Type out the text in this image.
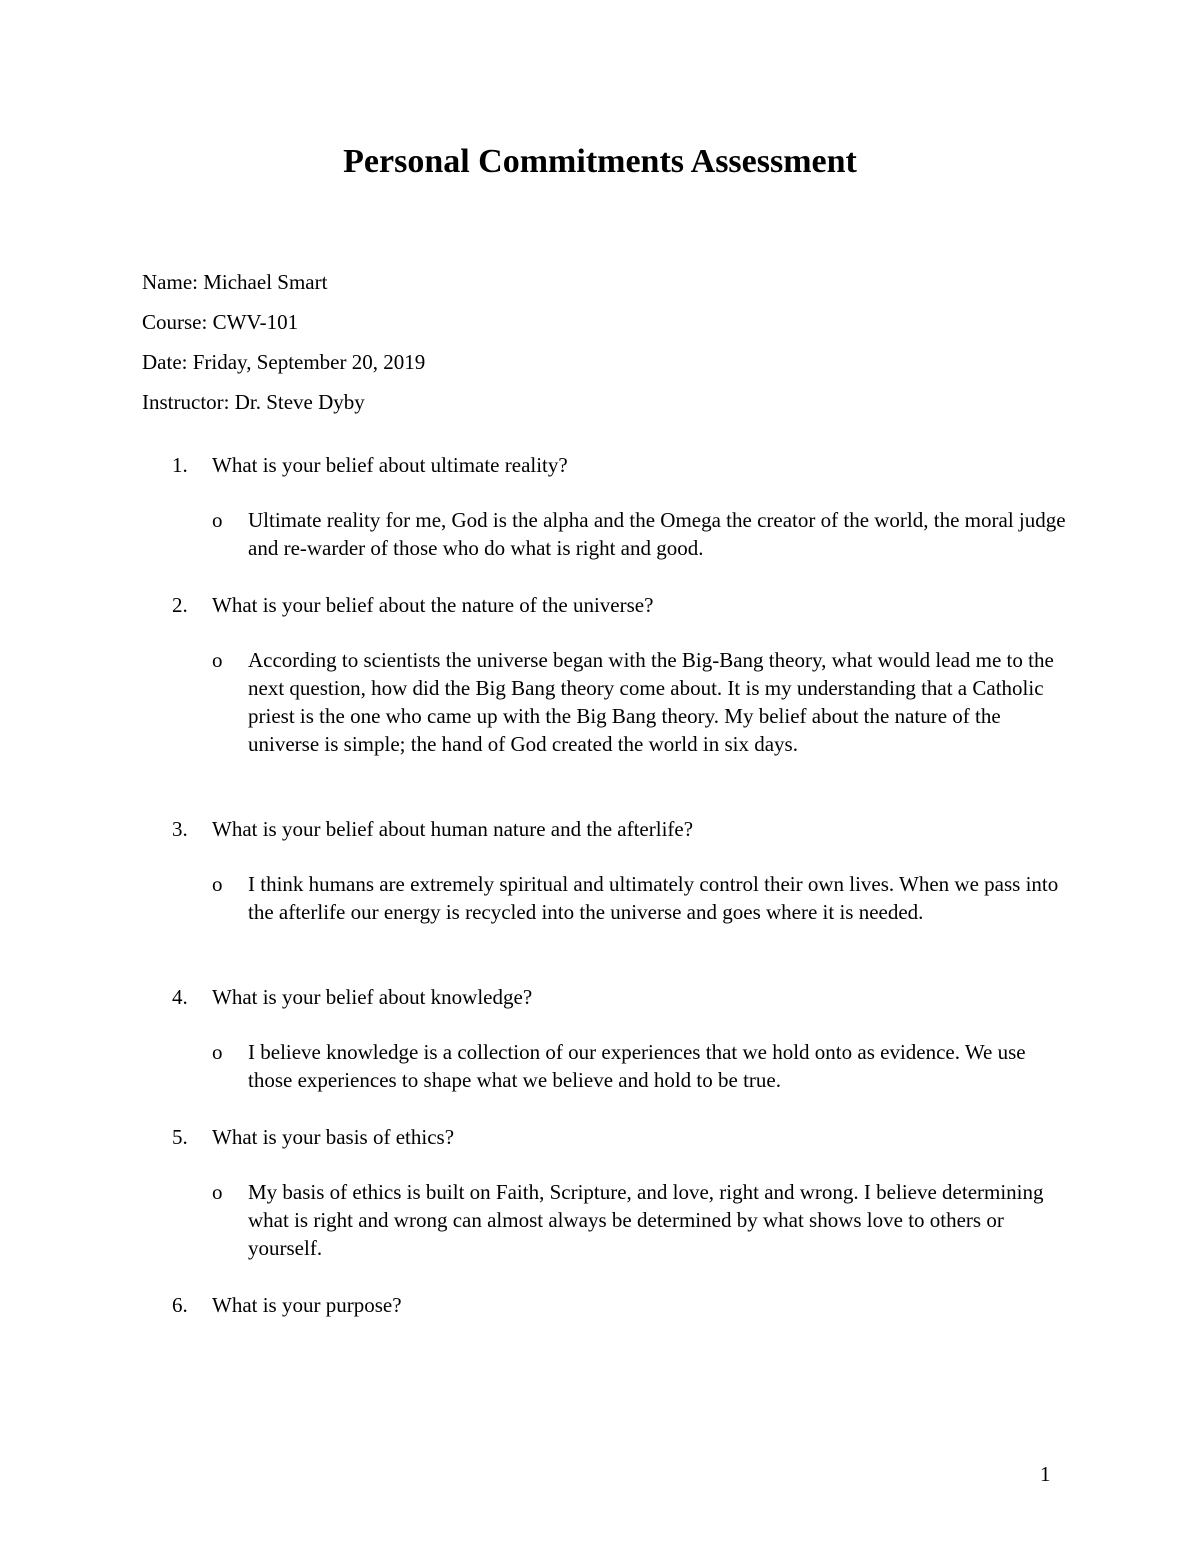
Personal Commitments Assessment
Name: Michael Smart
Course: CWV-101
Date: Friday, September 20, 2019
Instructor: Dr. Steve Dyby
1. What is your belief about ultimate reality?
o	Ultimate reality for me, God is the alpha and the Omega the creator of the world, the moral judge and re-warder of those who do what is right and good.
2. What is your belief about the nature of the universe?
o	According to scientists the universe began with the Big-Bang theory, what would lead me to the next question, how did the Big Bang theory come about. It is my understanding that a Catholic priest is the one who came up with the Big Bang theory. My belief about the nature of the universe is simple; the hand of God created the world in six days.
3. What is your belief about human nature and the afterlife?
o	I think humans are extremely spiritual and ultimately control their own lives. When we pass into the afterlife our energy is recycled into the universe and goes where it is needed.
4. What is your belief about knowledge?
o	I believe knowledge is a collection of our experiences that we hold onto as evidence. We use those experiences to shape what we believe and hold to be true.
5. What is your basis of ethics?
o	My basis of ethics is built on Faith, Scripture, and love, right and wrong. I believe determining what is right and wrong can almost always be determined by what shows love to others or yourself.
6. What is your purpose?
1
